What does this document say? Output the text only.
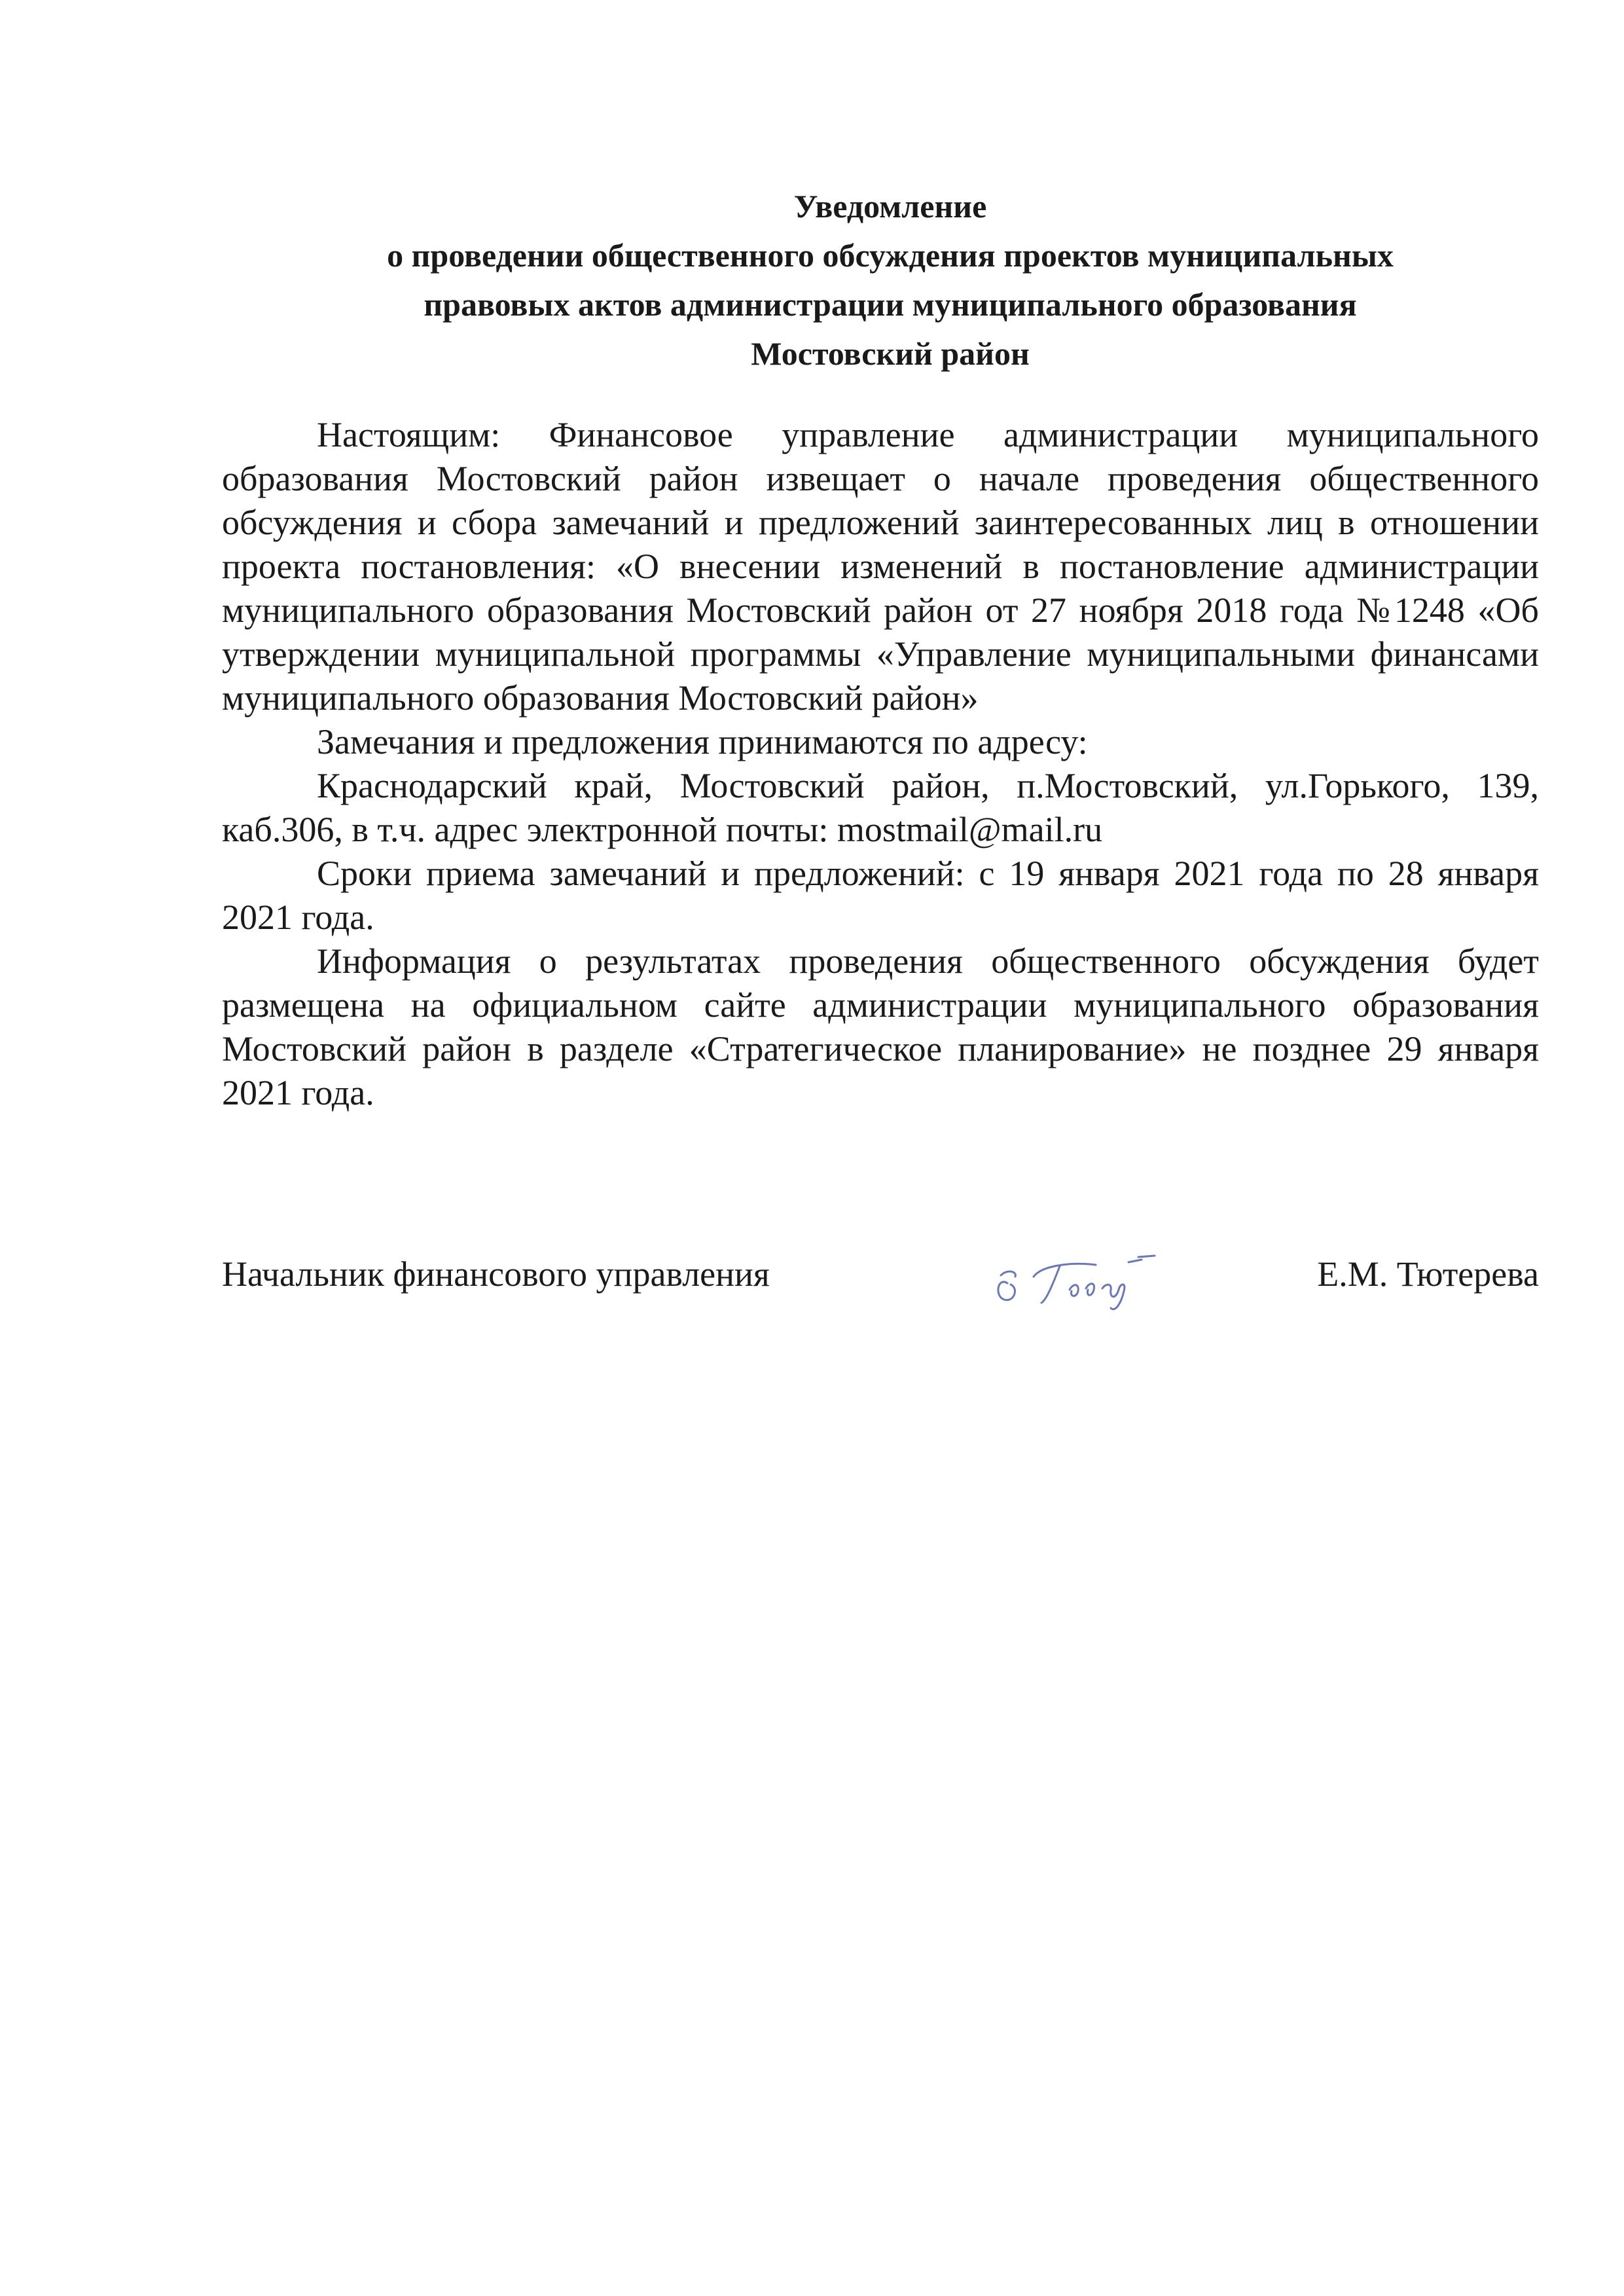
Уведомление
о проведении общественного обсуждения проектов муниципальных
правовых актов администрации муниципального образования
Мостовский район

Настоящим: Финансовое управление администрации муниципального образования Мостовский район извещает о начале проведения общественного обсуждения и сбора замечаний и предложений заинтересованных лиц в отношении проекта постановления: «О внесении изменений в постановление администрации муниципального образования Мостовский район от 27 ноября 2018 года №1248 «Об утверждении муниципальной программы «Управление муниципальными финансами муниципального образования Мостовский район»

Замечания и предложения принимаются по адресу:

Краснодарский край, Мостовский район, п.Мостовский, ул.Горького, 139, каб.306, в т.ч. адрес электронной почты: mostmail@mail.ru

Сроки приема замечаний и предложений: с 19 января 2021 года по 28 января 2021 года.

Информация о результатах проведения общественного обсуждения будет размещена на официальном сайте администрации муниципального образования Мостовский район в разделе «Стратегическое планирование» не позднее 29 января 2021 года.

Начальник финансового управления	Е.М. Тютерева
